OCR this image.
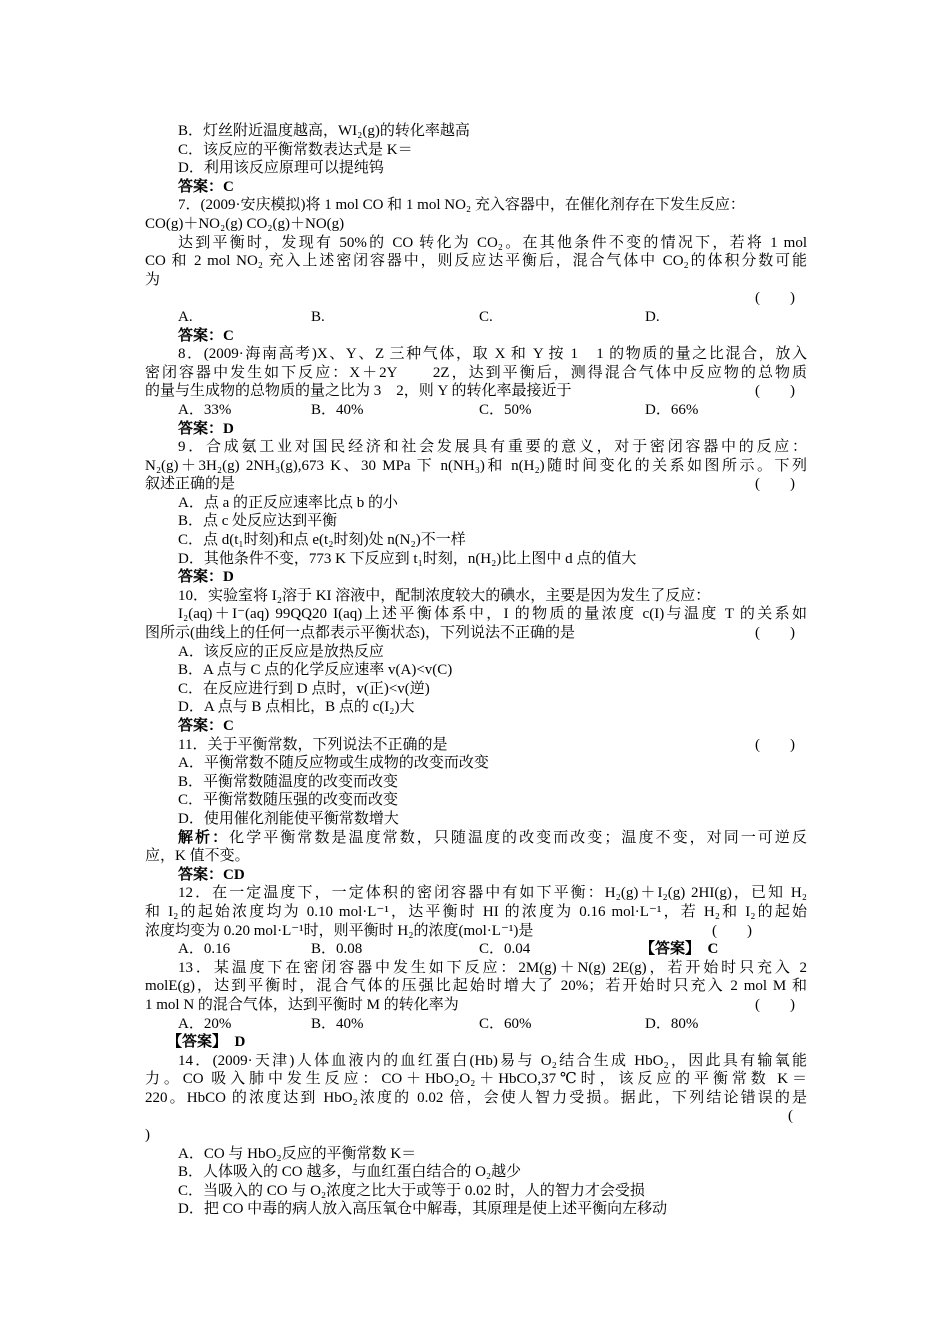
B．灯丝附近温度越高，WI₂(g)的转化率越高
C．该反应的平衡常数表达式是 K＝
D．利用该反应原理可以提纯钨
答案：C
7．(2009·安庆模拟)将 1 mol CO 和 1 mol NO₂ 充入容器中，在催化剂存在下发生反应：
CO(g)＋NO₂(g) CO₂(g)＋NO(g)
达到平衡时，发现有 50%的 CO 转化为 CO₂。在其他条件不变的情况下，若将 1 mol
CO 和 2 mol NO₂ 充入上述密闭容器中，则反应达平衡后，混合气体中 CO₂的体积分数可能
为
(　　)
A.	B.	C.	D.
答案：C
8．(2009·海南高考)X、Y、Z 三种气体，取 X 和 Y 按 1　1 的物质的量之比混合，放入
密闭容器中发生如下反应：X＋2Y　　2Z，达到平衡后，测得混合气体中反应物的总物质
的量与生成物的总物质的量之比为 3　2，则 Y 的转化率最接近于	(　　)
A．33%	B．40%	C．50%	D．66%
答案：D
9．合成氨工业对国民经济和社会发展具有重要的意义，对于密闭容器中的反应：
N₂(g)＋3H₂(g) 2NH₃(g),673 K、30 MPa 下 n(NH₃)和 n(H₂)随时间变化的关系如图所示。下列
叙述正确的是	(　　)
A．点 a 的正反应速率比点 b 的小
B．点 c 处反应达到平衡
C．点 d(t₁时刻)和点 e(t₂时刻)处 n(N₂)不一样
D．其他条件不变，773 K 下反应到 t₁时刻，n(H₂)比上图中 d 点的值大
答案：D
10．实验室将 I₂溶于 KI 溶液中，配制浓度较大的碘水，主要是因为发生了反应：
I₂(aq)＋I⁻(aq) 99QQ20 I(aq)上述平衡体系中，I 的物质的量浓度 c(I)与温度 T 的关系如
图所示(曲线上的任何一点都表示平衡状态)，下列说法不正确的是	(　　)
A．该反应的正反应是放热反应
B．A 点与 C 点的化学反应速率 v(A)<v(C)
C．在反应进行到 D 点时，v(正)<v(逆)
D．A 点与 B 点相比，B 点的 c(I₂)大
答案：C
11．关于平衡常数，下列说法不正确的是	(　　)
A．平衡常数不随反应物或生成物的改变而改变
B．平衡常数随温度的改变而改变
C．平衡常数随压强的改变而改变
D．使用催化剂能使平衡常数增大
解析：化学平衡常数是温度常数，只随温度的改变而改变；温度不变，对同一可逆反
应，K 值不变。
答案：CD
12．在一定温度下，一定体积的密闭容器中有如下平衡：H₂(g)＋I₂(g) 2HI(g)，已知 H₂
和 I₂的起始浓度均为 0.10 mol·L⁻¹，达平衡时 HI 的浓度为 0.16 mol·L⁻¹，若 H₂和 I₂的起始
浓度均变为 0.20 mol·L⁻¹时，则平衡时 H₂的浓度(mol·L⁻¹)是	(　　)
A．0.16	B．0.08	C．0.04	【答案】　C
13．某温度下在密闭容器中发生如下反应：2M(g)＋N(g) 2E(g)，若开始时只充入 2
molE(g)，达到平衡时，混合气体的压强比起始时增大了 20%；若开始时只充入 2 mol M 和
1 mol N 的混合气体，达到平衡时 M 的转化率为	(　　)
A．20%	B．40%	C．60%	D．80%
【答案】　D
14．(2009·天津)人体血液内的血红蛋白(Hb)易与 O₂结合生成 HbO₂，因此具有输氧能
力。CO 吸入肺中发生反应：CO＋HbO₂O₂＋HbCO,37℃时，该反应的平衡常数 K＝
220。HbCO 的浓度达到 HbO₂浓度的 0.02 倍，会使人智力受损。据此，下列结论错误的是
(
)
A．CO 与 HbO₂反应的平衡常数 K＝
B．人体吸入的 CO 越多，与血红蛋白结合的 O₂越少
C．当吸入的 CO 与 O₂浓度之比大于或等于 0.02 时，人的智力才会受损
D．把 CO 中毒的病人放入高压氧仓中解毒，其原理是使上述平衡向左移动
